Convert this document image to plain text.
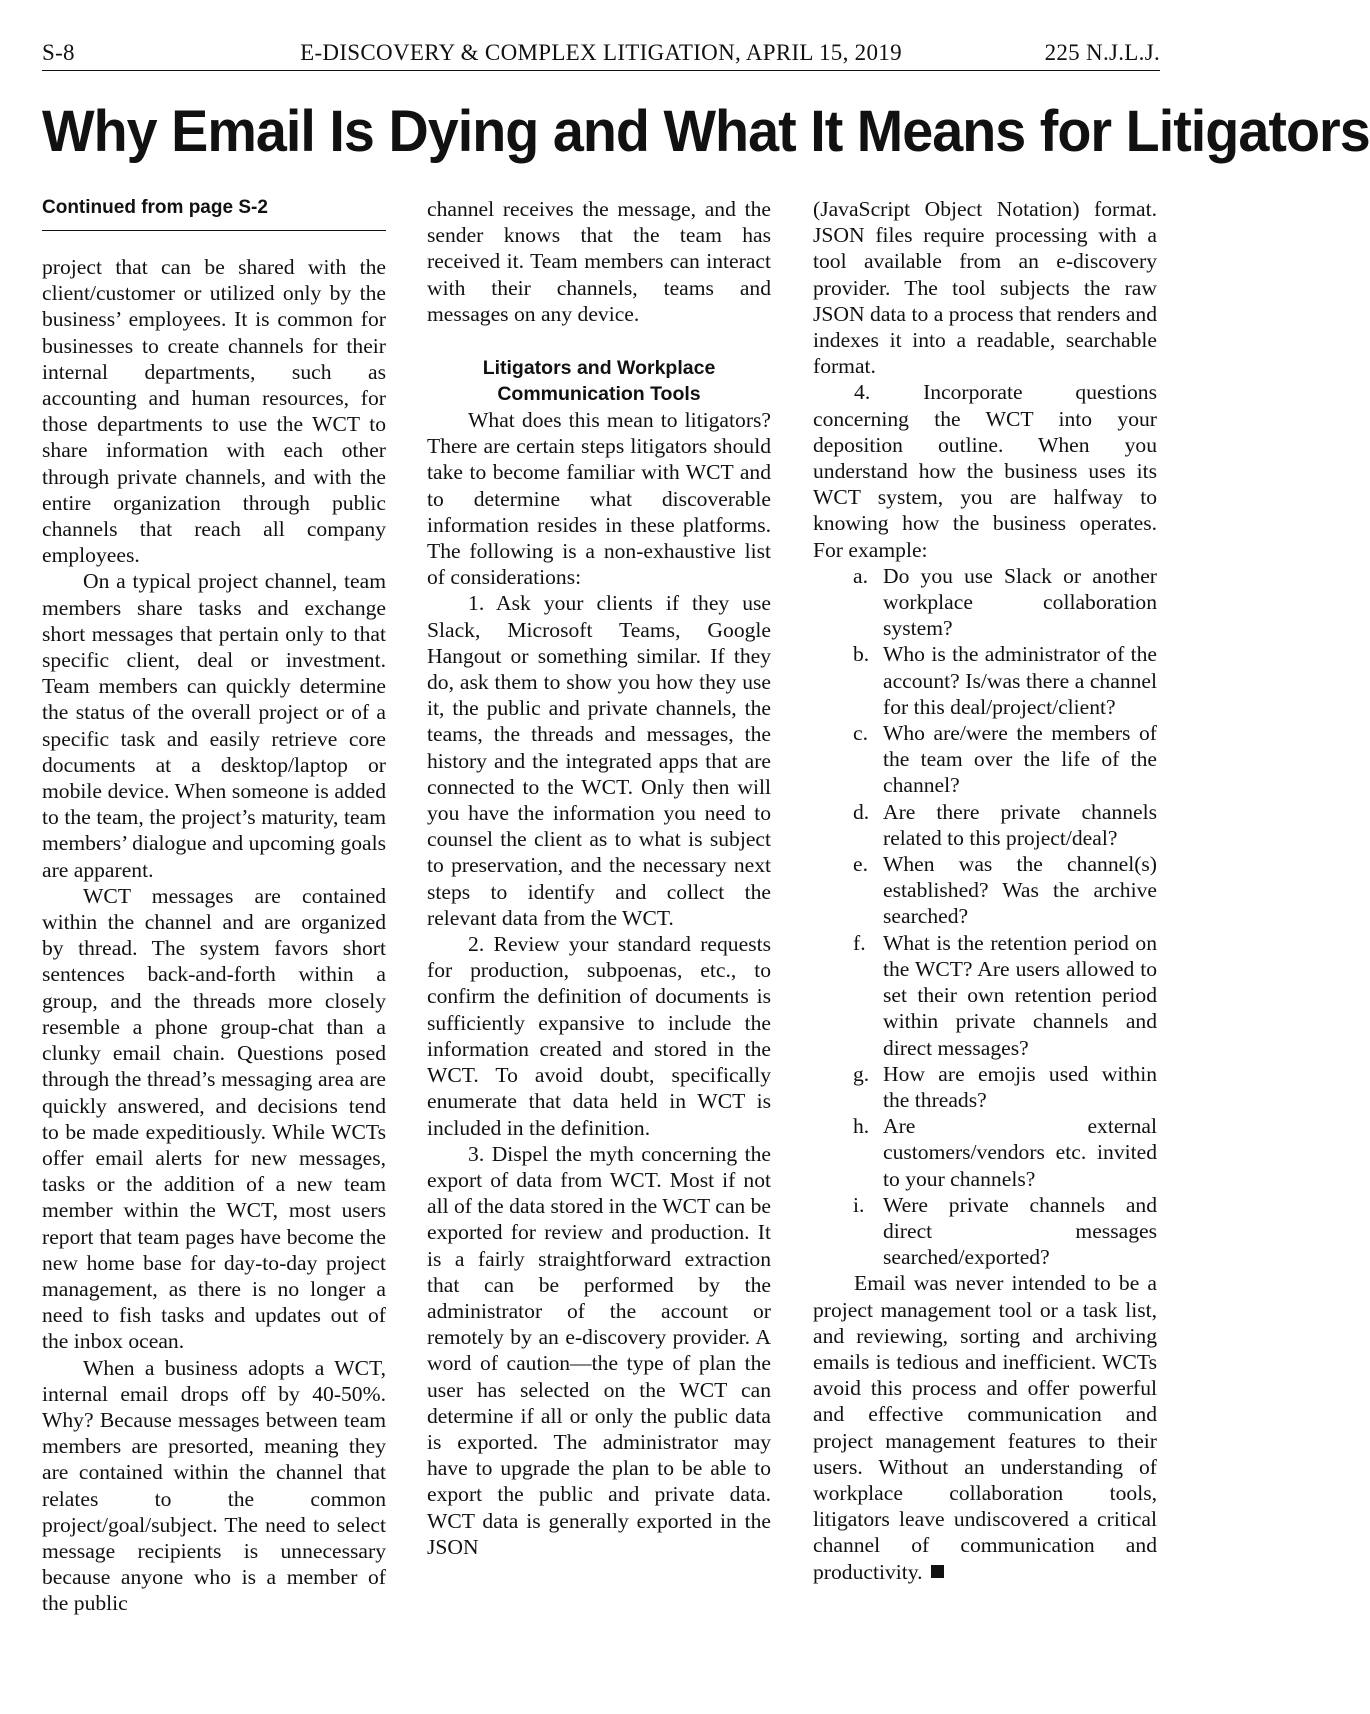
S-8	E-DISCOVERY & COMPLEX LITIGATION, APRIL 15, 2019	225 N.J.L.J.
Why Email Is Dying and What It Means for Litigators
Continued from page S-2

project that can be shared with the client/customer or utilized only by the business’ employees. It is common for businesses to create channels for their internal departments, such as accounting and human resources, for those departments to use the WCT to share information with each other through private channels, and with the entire organization through public channels that reach all company employees.

On a typical project channel, team members share tasks and exchange short messages that pertain only to that specific client, deal or investment. Team members can quickly determine the status of the overall project or of a specific task and easily retrieve core documents at a desktop/laptop or mobile device. When someone is added to the team, the project’s maturity, team members’ dialogue and upcoming goals are apparent.

WCT messages are contained within the channel and are organized by thread. The system favors short sentences back-and-forth within a group, and the threads more closely resemble a phone group-chat than a clunky email chain. Questions posed through the thread’s messaging area are quickly answered, and decisions tend to be made expeditiously. While WCTs offer email alerts for new messages, tasks or the addition of a new team member within the WCT, most users report that team pages have become the new home base for day-to-day project management, as there is no longer a need to fish tasks and updates out of the inbox ocean.

When a business adopts a WCT, internal email drops off by 40-50%. Why? Because messages between team members are presorted, meaning they are contained within the channel that relates to the common project/goal/subject. The need to select message recipients is unnecessary because anyone who is a member of the public

channel receives the message, and the sender knows that the team has received it. Team members can interact with their channels, teams and messages on any device.

Litigators and Workplace
Communication Tools

What does this mean to litigators? There are certain steps litigators should take to become familiar with WCT and to determine what discoverable information resides in these platforms. The following is a non-exhaustive list of considerations:

1. Ask your clients if they use Slack, Microsoft Teams, Google Hangout or something similar. If they do, ask them to show you how they use it, the public and private channels, the teams, the threads and messages, the history and the integrated apps that are connected to the WCT. Only then will you have the information you need to counsel the client as to what is subject to preservation, and the necessary next steps to identify and collect the relevant data from the WCT.

2. Review your standard requests for production, subpoenas, etc., to confirm the definition of documents is sufficiently expansive to include the information created and stored in the WCT. To avoid doubt, specifically enumerate that data held in WCT is included in the definition.

3. Dispel the myth concerning the export of data from WCT. Most if not all of the data stored in the WCT can be exported for review and production. It is a fairly straightforward extraction that can be performed by the administrator of the account or remotely by an e-discovery provider. A word of caution—the type of plan the user has selected on the WCT can determine if all or only the public data is exported. The administrator may have to upgrade the plan to be able to export the public and private data. WCT data is generally exported in the JSON

(JavaScript Object Notation) format. JSON files require processing with a tool available from an e-discovery provider. The tool subjects the raw JSON data to a process that renders and indexes it into a readable, searchable format.

4. Incorporate questions concerning the WCT into your deposition outline. When you understand how the business uses its WCT system, you are halfway to knowing how the business operates. For example:

a. Do you use Slack or another workplace collaboration system?
b. Who is the administrator of the account? Is/was there a channel for this deal/project/client?
c. Who are/were the members of the team over the life of the channel?
d. Are there private channels related to this project/deal?
e. When was the channel(s) established? Was the archive searched?
f. What is the retention period on the WCT? Are users allowed to set their own retention period within private channels and direct messages?
g. How are emojis used within the threads?
h. Are external customers/vendors etc. invited to your channels?
i. Were private channels and direct messages searched/exported?

Email was never intended to be a project management tool or a task list, and reviewing, sorting and archiving emails is tedious and inefficient. WCTs avoid this process and offer powerful and effective communication and project management features to their users. Without an understanding of workplace collaboration tools, litigators leave undiscovered a critical channel of communication and productivity.
